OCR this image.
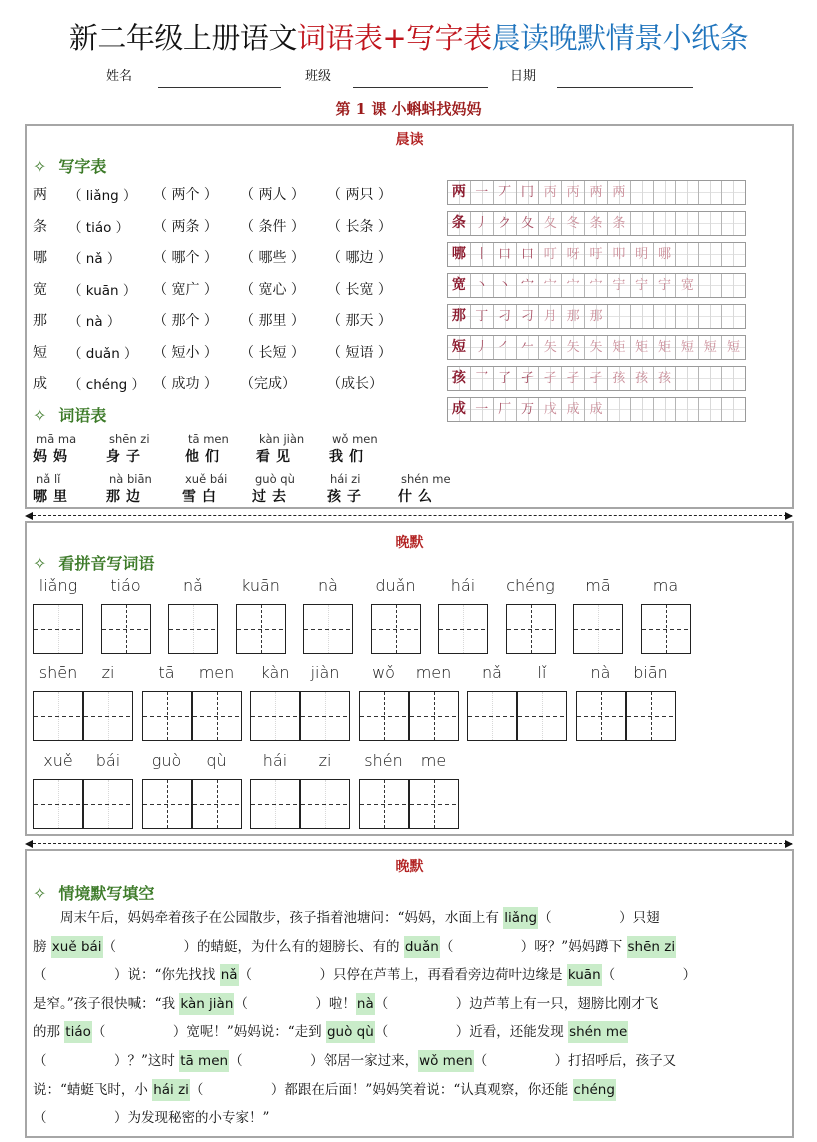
新二年级上册语文词语表+写字表晨读晚默情景小纸条
姓名	班级	日期
第 1 课 小蝌蚪找妈妈
晨读
✧ 写字表
两 （ liǎng ） （ 两个 ） （ 两人 ） （ 两只 ）
条 （ tiáo ） （ 两条 ） （ 条件 ） （ 长条 ）
哪 （ nǎ ） （ 哪个 ） （ 哪些 ） （ 哪边 ）
宽 （ kuān ） （ 宽广 ） （ 宽心 ） （ 长宽 ）
那 （ nà ） （ 那个 ） （ 那里 ） （ 那天 ）
短 （ duǎn ） （ 短小 ） （ 长短 ） （ 短语 ）
成 （ chéng ） （ 成功 ） （完成） （成长）
两 一 丆 冂 丙 丙 两 两
条 丿 ク 夂 夂 冬 条 条
哪 丨 口 口 叮 呀 吁 叩 明 哪
宽 丶 丶 宀 宀 宀 宀 宁 宁 宁 宽
那 丁 刁 刁 月 那 那
短 丿 ㇒ 𠂉 矢 矢 矢 矩 矩 矩 短 短 短
孩 乛 了 孑 孑 孑 孑 孩 孩 孩
成 一 厂 万 戊 成 成
✧ 词语表
mā ma
妈妈
shēn zi
身子
tā men
他们
kàn jiàn
看见
wǒ men
我们
nǎ lǐ
哪里
nà biān
那边
xuě bái
雪白
guò qù
过去
hái zi
孩子
shén me
什么
晚默
✧ 看拼音写词语
liǎng	tiáo	nǎ	kuān	nà	duǎn	hái	chéng	mā	ma
shēn	zi	tā	men	kàn	jiàn	wǒ	men	nǎ	lǐ	nà	biān
xuě	bái	guò	qù	hái	zi	shén	me
晚默
✧ 情境默写填空
　　周末午后，妈妈牵着孩子在公园散步，孩子指着池塘问：“妈妈，水面上有 liǎng（　　　　　）只翅
膀 xuě bái（　　　　　）的蜻蜓，为什么有的翅膀长、有的 duǎn（　　　　　）呀？”妈妈蹲下 shēn zi
（　　　　　）说：“你先找找 nǎ（　　　　　）只停在芦苇上，再看看旁边荷叶边缘是 kuān（　　　　　）
是窄。”孩子很快喊：“我 kàn jiàn（　　　　　）啦！nà（　　　　　）边芦苇上有一只，翅膀比刚才飞
的那 tiáo（　　　　　）宽呢！”妈妈说：“走到 guò qù（　　　　　）近看，还能发现 shén me
（　　　　　）？”这时 tā men（　　　　　）邻居一家过来，wǒ men（　　　　　）打招呼后，孩子又
说：“蜻蜓飞时，小 hái zi（　　　　　）都跟在后面！”妈妈笑着说：“认真观察，你还能 chéng
（　　　　　）为发现秘密的小专家！”
